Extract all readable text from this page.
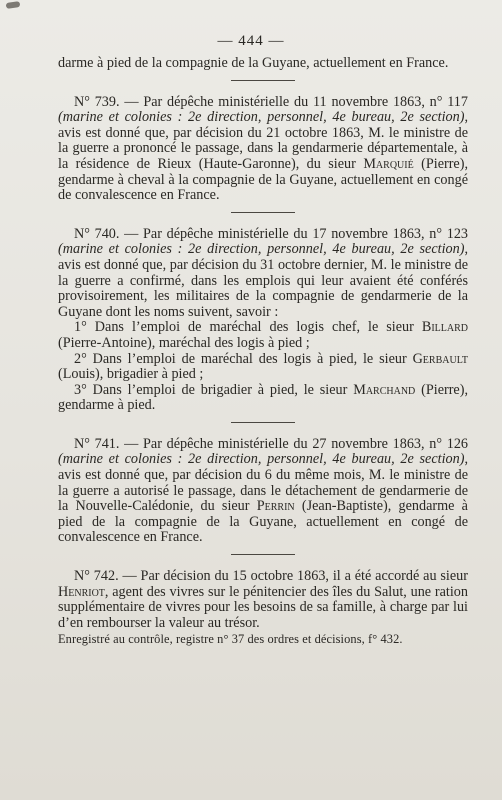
— 444 —

darme à pied de la compagnie de la Guyane, actuellement en France.

N° 739. — Par dépêche ministérielle du 11 novembre 1863, n° 117 (marine et colonies : 2e direction, personnel, 4e bureau, 2e section), avis est donné que, par décision du 21 octobre 1863, M. le ministre de la guerre a prononcé le passage, dans la gendarmerie départementale, à la résidence de Rieux (Haute-Garonne), du sieur Marquié (Pierre), gendarme à cheval à la compagnie de la Guyane, actuellement en congé de convalescence en France.

N° 740. — Par dépêche ministérielle du 17 novembre 1863, n° 123 (marine et colonies : 2e direction, personnel, 4e bureau, 2e section), avis est donné que, par décision du 31 octobre dernier, M. le ministre de la guerre a confirmé, dans les emplois qui leur avaient été conférés provisoirement, les militaires de la compagnie de gendarmerie de la Guyane dont les noms suivent, savoir :

1° Dans l’emploi de maréchal des logis chef, le sieur Billard (Pierre-Antoine), maréchal des logis à pied ;

2° Dans l’emploi de maréchal des logis à pied, le sieur Gerbault (Louis), brigadier à pied ;

3° Dans l’emploi de brigadier à pied, le sieur Marchand (Pierre), gendarme à pied.

N° 741. — Par dépêche ministérielle du 27 novembre 1863, n° 126 (marine et colonies : 2e direction, personnel, 4e bureau, 2e section), avis est donné que, par décision du 6 du même mois, M. le ministre de la guerre a autorisé le passage, dans le détachement de gendarmerie de la Nouvelle-Calédonie, du sieur Perrin (Jean-Baptiste), gendarme à pied de la compagnie de la Guyane, actuellement en congé de convalescence en France.

N° 742. — Par décision du 15 octobre 1863, il a été accordé au sieur Henriot, agent des vivres sur le pénitencier des îles du Salut, une ration supplémentaire de vivres pour les besoins de sa famille, à charge par lui d’en rembourser la valeur au trésor.

Enregistré au contrôle, registre n° 37 des ordres et décisions, f° 432.
